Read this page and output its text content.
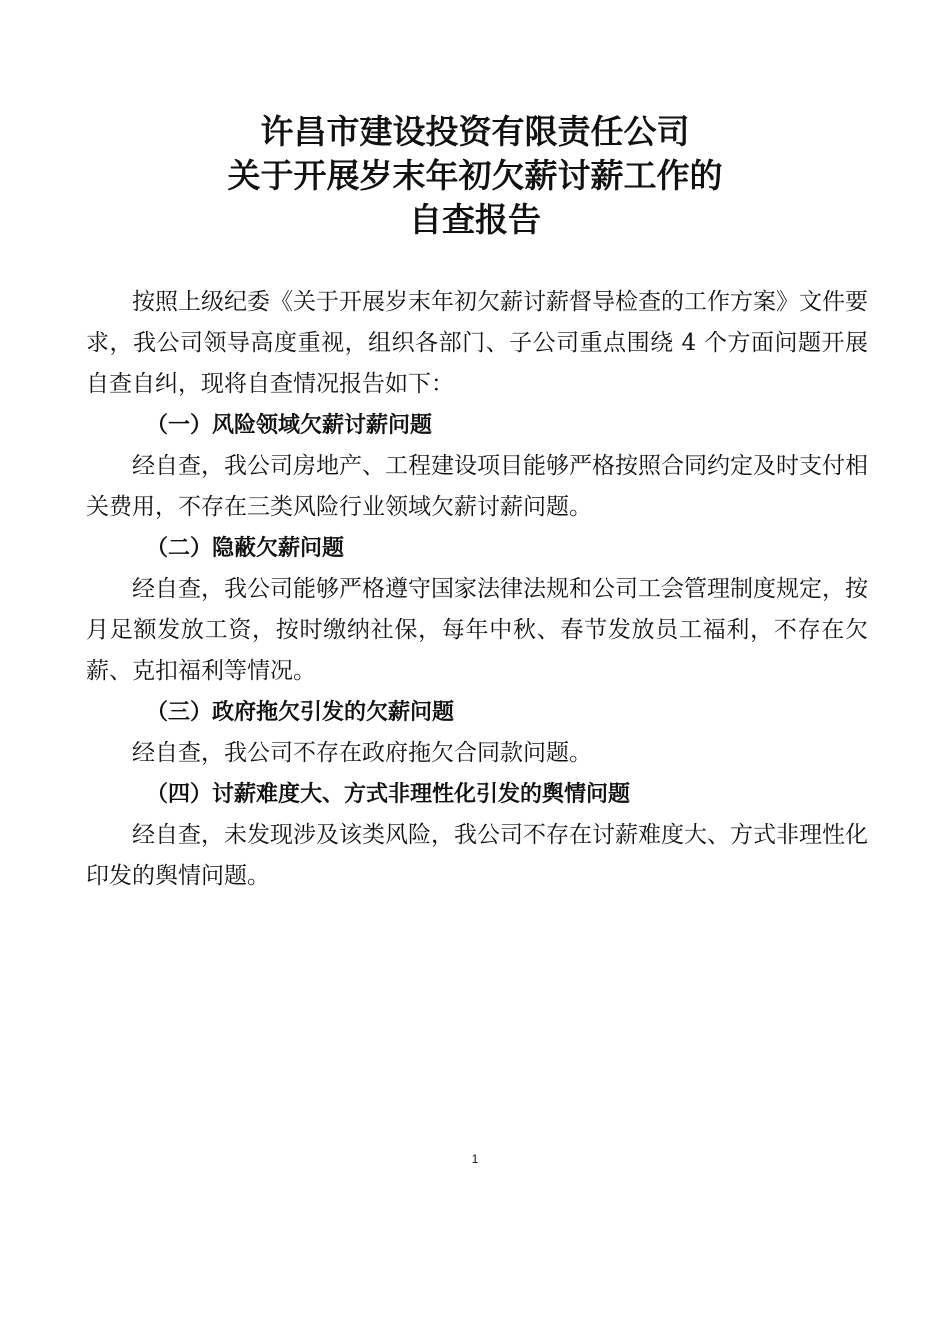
许昌市建设投资有限责任公司
关于开展岁末年初欠薪讨薪工作的
自查报告

按照上级纪委《关于开展岁末年初欠薪讨薪督导检查的工作方案》文件要求，我公司领导高度重视，组织各部门、子公司重点围绕 4 个方面问题开展自查自纠，现将自查情况报告如下：

（一）风险领域欠薪讨薪问题

经自查，我公司房地产、工程建设项目能够严格按照合同约定及时支付相关费用，不存在三类风险行业领域欠薪讨薪问题。

（二）隐蔽欠薪问题

经自查，我公司能够严格遵守国家法律法规和公司工会管理制度规定，按月足额发放工资，按时缴纳社保，每年中秋、春节发放员工福利，不存在欠薪、克扣福利等情况。

（三）政府拖欠引发的欠薪问题

经自查，我公司不存在政府拖欠合同款问题。

（四）讨薪难度大、方式非理性化引发的舆情问题

经自查，未发现涉及该类风险，我公司不存在讨薪难度大、方式非理性化印发的舆情问题。

1
